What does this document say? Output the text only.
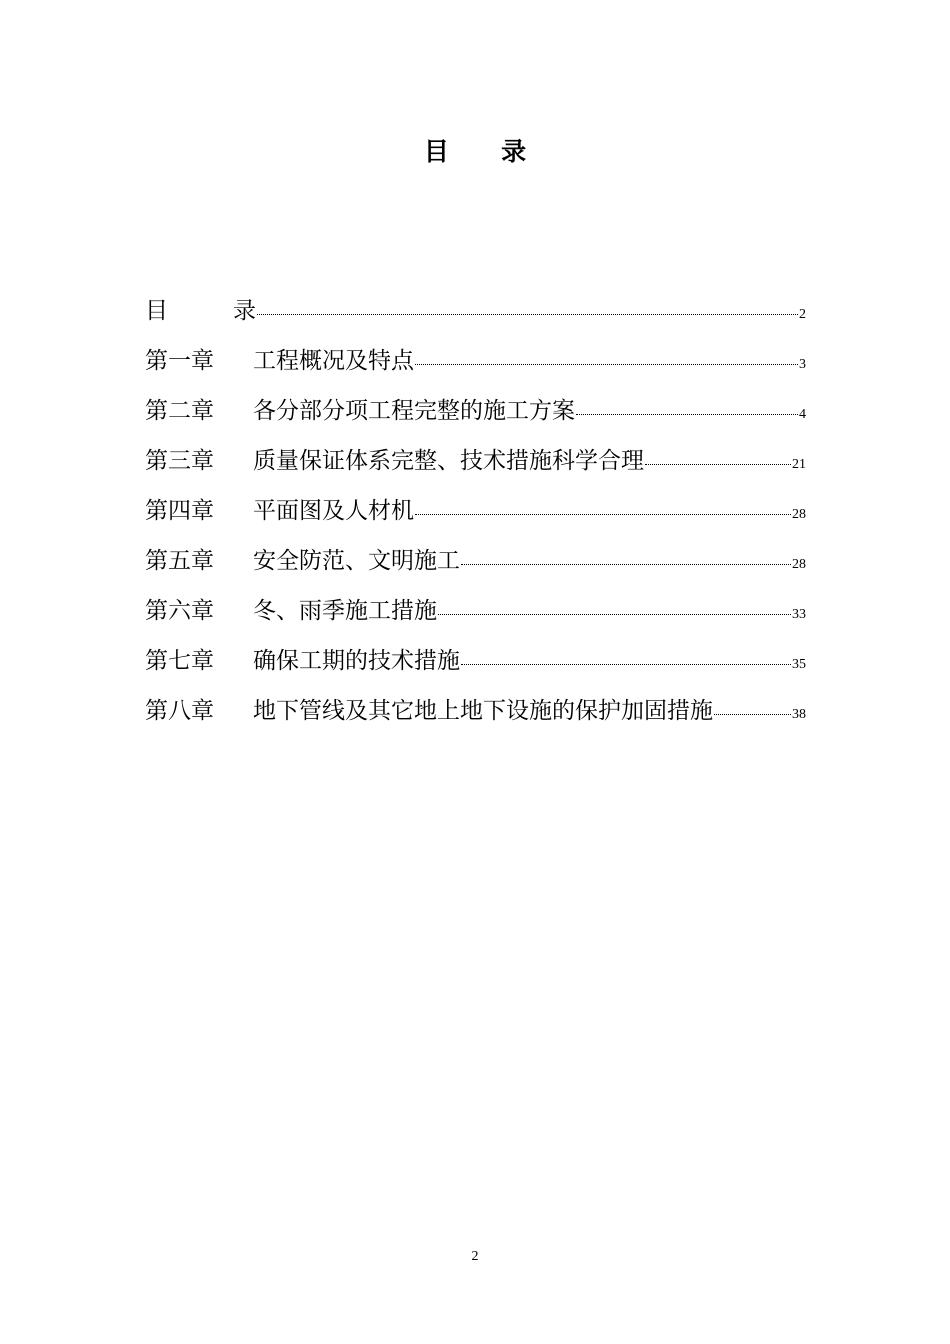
目      录
目 录	2
第一章	工程概况及特点	3
第二章	各分部分项工程完整的施工方案	4
第三章	质量保证体系完整、技术措施科学合理	21
第四章	平面图及人材机	28
第五章	安全防范、文明施工	28
第六章	冬、雨季施工措施	33
第七章	确保工期的技术措施	35
第八章	地下管线及其它地上地下设施的保护加固措施	38
2
